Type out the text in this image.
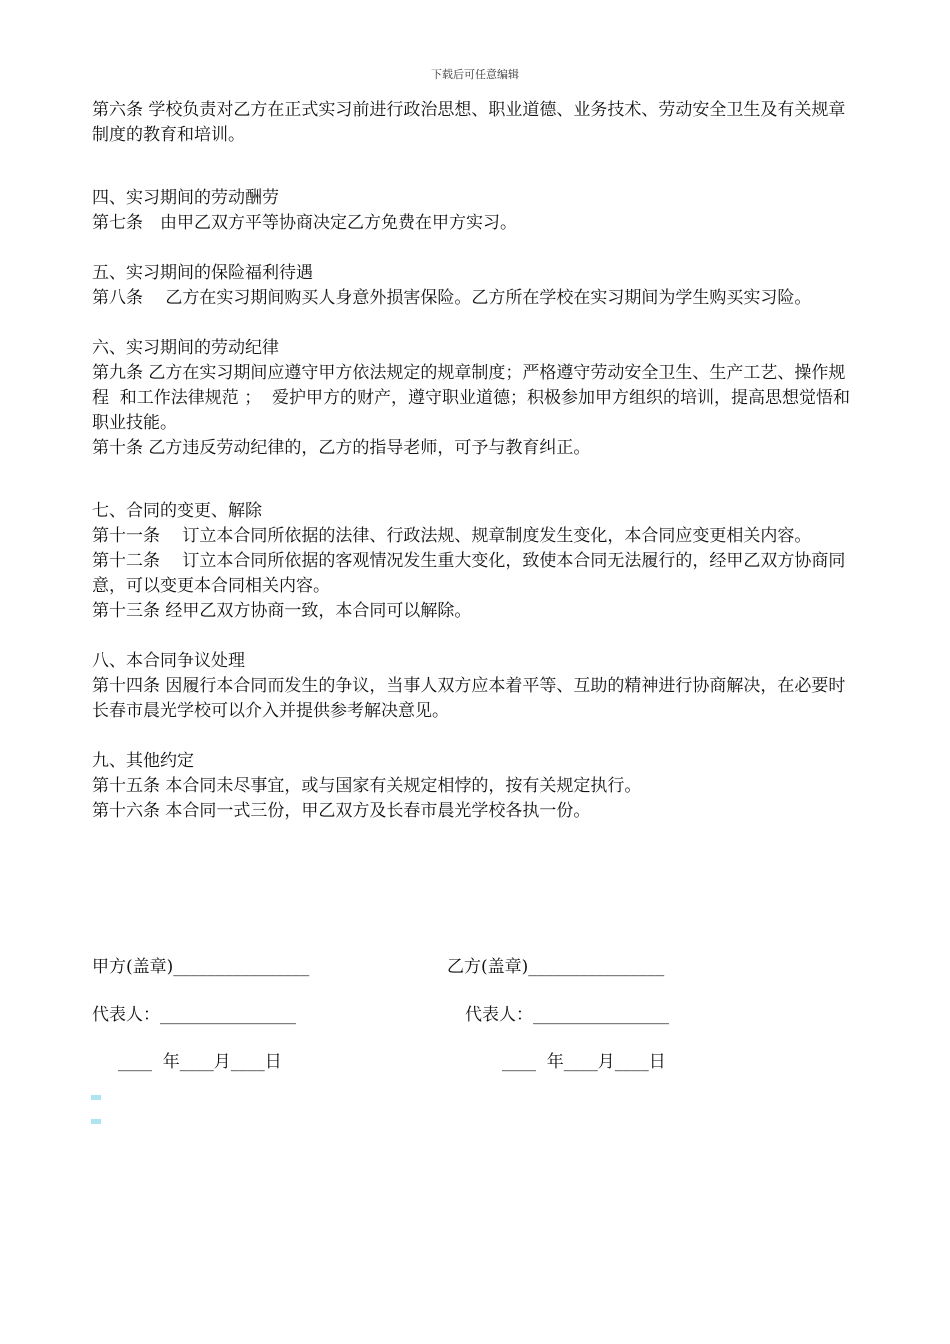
下载后可任意编辑

第六条 学校负责对乙方在正式实习前进行政治思想、职业道德、业务技术、劳动安全卫生及有关规章制度的教育和培训。

四、实习期间的劳动酬劳

第七条　由甲乙双方平等协商决定乙方免费在甲方实习。

五、实习期间的保险福利待遇

第八条　 乙方在实习期间购买人身意外损害保险。乙方所在学校在实习期间为学生购买实习险。

六、实习期间的劳动纪律

第九条 乙方在实习期间应遵守甲方依法规定的规章制度；严格遵守劳动安全卫生、生产工艺、操作规程  和工作法律规范 ；  爱护甲方的财产，遵守职业道德；积极参加甲方组织的培训，提高思想觉悟和职业技能。

第十条 乙方违反劳动纪律的，乙方的指导老师，可予与教育纠正。

七、合同的变更、解除

第十一条　 订立本合同所依据的法律、行政法规、规章制度发生变化，本合同应变更相关内容。

第十二条　 订立本合同所依据的客观情况发生重大变化，致使本合同无法履行的，经甲乙双方协商同意，可以变更本合同相关内容。

第十三条 经甲乙双方协商一致，本合同可以解除。

八、本合同争议处理

第十四条 因履行本合同而发生的争议，当事人双方应本着平等、互助的精神进行协商解决，在必要时长春市晨光学校可以介入并提供参考解决意见。

九、其他约定

第十五条 本合同未尽事宜，或与国家有关规定相悖的，按有关规定执行。

第十六条 本合同一式三份，甲乙双方及长春市晨光学校各执一份。

甲方(盖章)________________	乙方(盖章)________________
代表人：________________	代表人：________________
____  年____月____日	____  年____月____日
